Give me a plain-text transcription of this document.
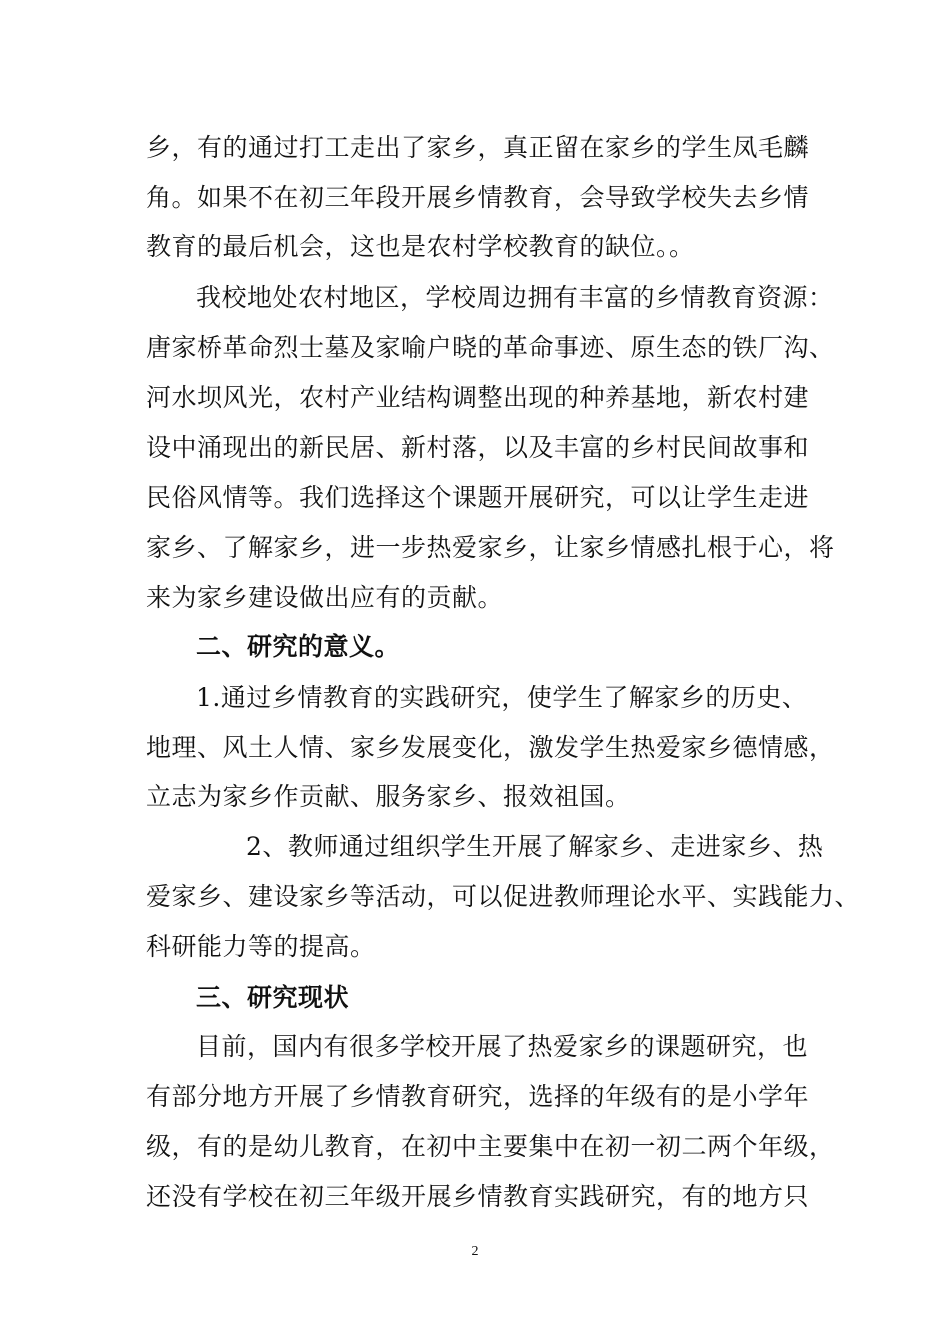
乡，有的通过打工走出了家乡，真正留在家乡的学生凤毛麟
角。如果不在初三年段开展乡情教育，会导致学校失去乡情
教育的最后机会，这也是农村学校教育的缺位。。
我校地处农村地区，学校周边拥有丰富的乡情教育资源：
唐家桥革命烈士墓及家喻户晓的革命事迹、原生态的铁厂沟、
河水坝风光，农村产业结构调整出现的种养基地，新农村建
设中涌现出的新民居、新村落，以及丰富的乡村民间故事和
民俗风情等。我们选择这个课题开展研究，可以让学生走进
家乡、了解家乡，进一步热爱家乡，让家乡情感扎根于心，将
来为家乡建设做出应有的贡献。
二、研究的意义。
1.通过乡情教育的实践研究，使学生了解家乡的历史、
地理、风土人情、家乡发展变化，激发学生热爱家乡德情感，
立志为家乡作贡献、服务家乡、报效祖国。
2、教师通过组织学生开展了解家乡、走进家乡、热
爱家乡、建设家乡等活动，可以促进教师理论水平、实践能力、
科研能力等的提高。
三、研究现状
目前，国内有很多学校开展了热爱家乡的课题研究，也
有部分地方开展了乡情教育研究，选择的年级有的是小学年
级，有的是幼儿教育，在初中主要集中在初一初二两个年级，
还没有学校在初三年级开展乡情教育实践研究，有的地方只
2
